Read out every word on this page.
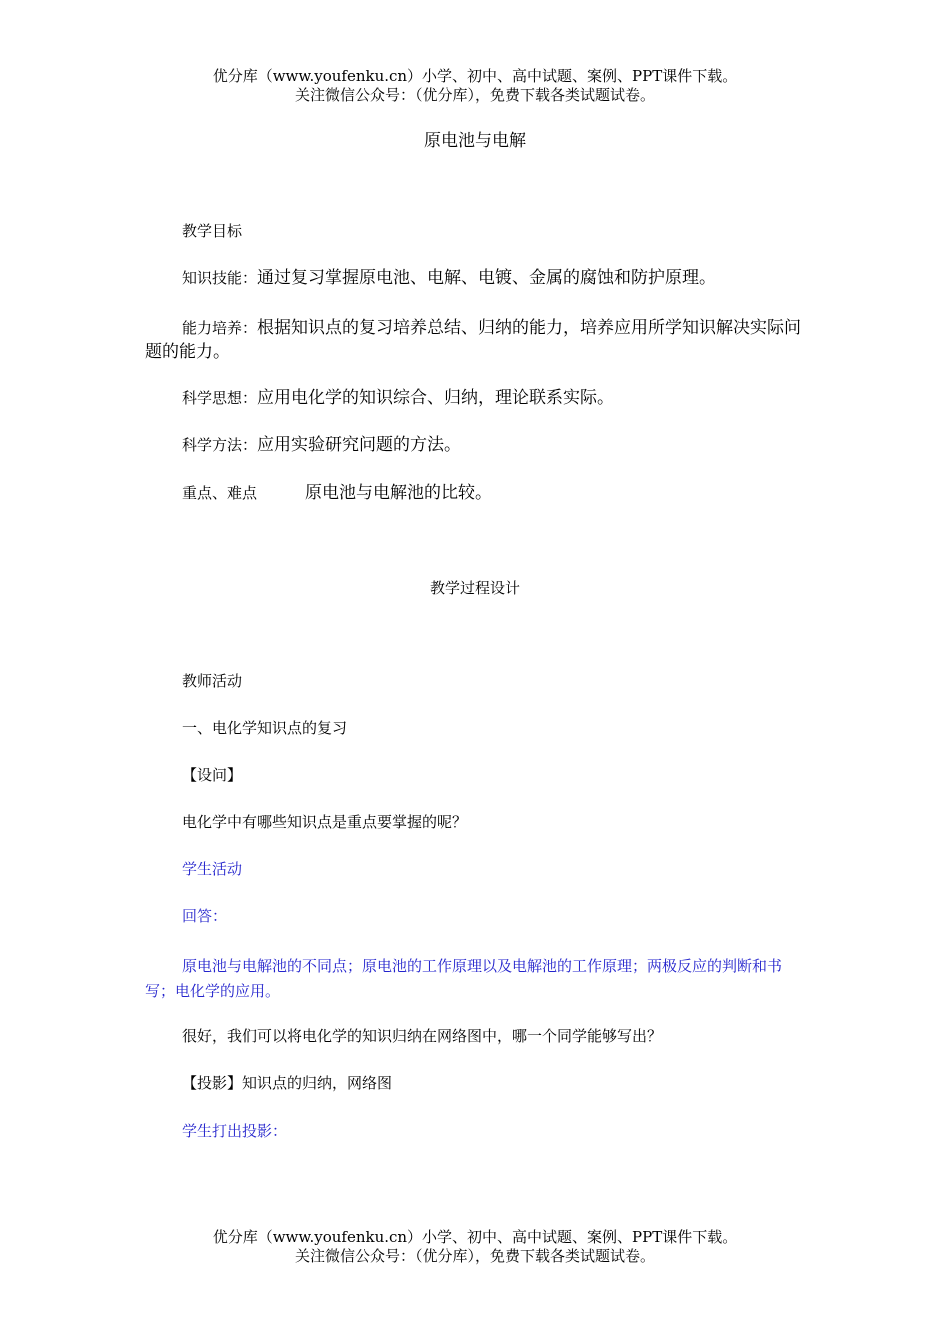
优分库（www.youfenku.cn）小学、初中、高中试题、案例、PPT课件下载。
关注微信公众号：（优分库），免费下载各类试题试卷。
原电池与电解
教学目标
知识技能：通过复习掌握原电池、电解、电镀、金属的腐蚀和防护原理。
能力培养：根据知识点的复习培养总结、归纳的能力，培养应用所学知识解决实际问题的能力。
科学思想：应用电化学的知识综合、归纳，理论联系实际。
科学方法：应用实验研究问题的方法。
重点、难点	原电池与电解池的比较。
教学过程设计
教师活动
一、电化学知识点的复习
【设问】
电化学中有哪些知识点是重点要掌握的呢？
学生活动
回答：
原电池与电解池的不同点；原电池的工作原理以及电解池的工作原理；两极反应的判断和书写；电化学的应用。
很好，我们可以将电化学的知识归纳在网络图中，哪一个同学能够写出？
【投影】知识点的归纳，网络图
学生打出投影：
优分库（www.youfenku.cn）小学、初中、高中试题、案例、PPT课件下载。
关注微信公众号：（优分库），免费下载各类试题试卷。
